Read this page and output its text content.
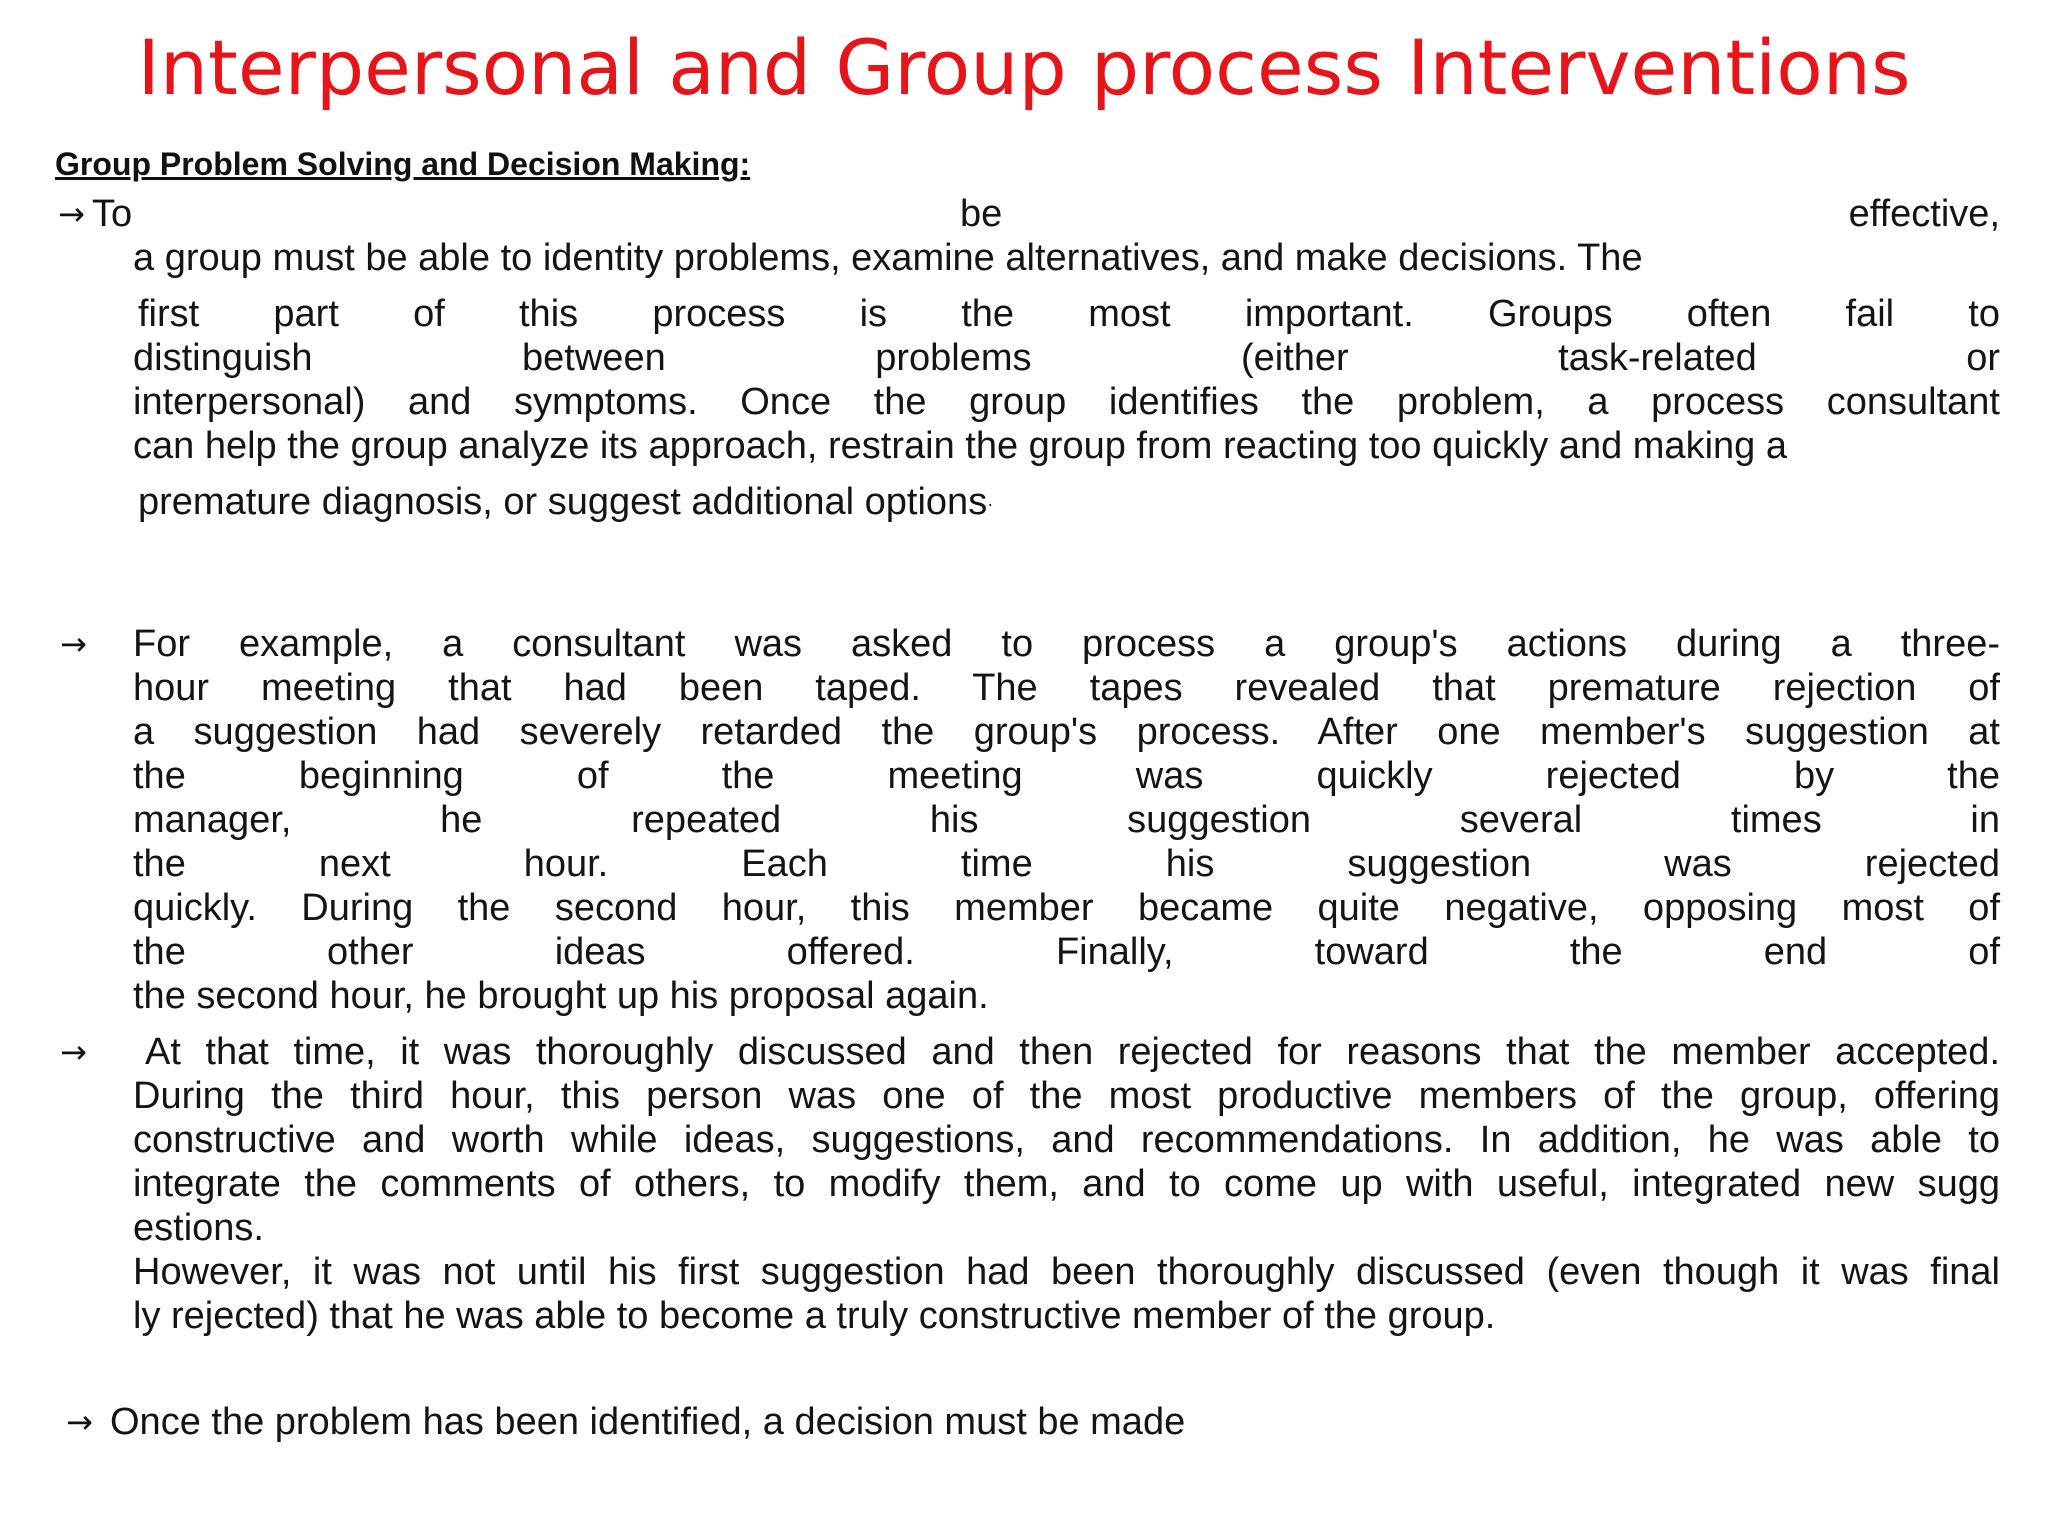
Interpersonal and Group process Interventions
Group Problem Solving and Decision Making:
→ To	be	effective,
a group must be able to identity problems, examine alternatives, and make decisions. The
first part of this process is the most important. Groups often fail to
distinguish between problems (either task-related or
interpersonal) and symptoms. Once the group identifies the problem, a process consultant
can help the group analyze its approach, restrain the group from reacting too quickly and making a
premature diagnosis, or suggest additional options·
→ For example, a consultant was asked to process a group's actions during a three-
hour meeting that had been taped. The tapes revealed that premature rejection of
a suggestion had severely retarded the group's process. After one member's suggestion at
the beginning of the meeting was quickly rejected by the
manager, he repeated his suggestion several times in
the next hour. Each time his suggestion was rejected
quickly. During the second hour, this member became quite negative, opposing most of
the other ideas offered. Finally, toward the end of
the second hour, he brought up his proposal again.
→ At that time, it was thoroughly discussed and then rejected for reasons that the member accepted.
During the third hour, this person was one of the most productive members of the group, offering
constructive and worth while ideas, suggestions, and recommendations. In addition, he was able to
integrate the comments of others, to modify them, and to come up with useful, integrated new sugg
estions.
However, it was not until his first suggestion had been thoroughly discussed (even though it was final
ly rejected) that he was able to become a truly constructive member of the group.
→ Once the problem has been identified, a decision must be made
